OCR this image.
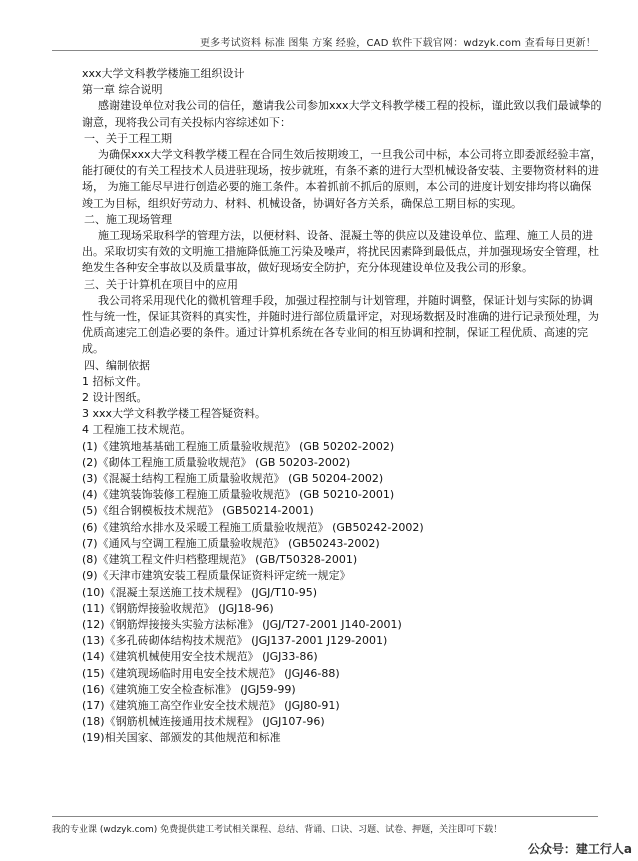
更多考试资料 标准 图集 方案 经验，CAD 软件下载官网：wdzyk.com 查看每日更新！
xxx大学文科教学楼施工组织设计
第一章 综合说明
感谢建设单位对我公司的信任，邀请我公司参加xxx大学文科教学楼工程的投标，谨此致以我们最诚挚的谢意，现将我公司有关投标内容综述如下：
一、关于工程工期
为确保xxx大学文科教学楼工程在合同生效后按期竣工，一旦我公司中标，本公司将立即委派经验丰富，能打硬仗的有关工程技术人员进驻现场，按步就班，有条不紊的进行大型机械设备安装、主要物资材料的进场， 为施工能尽早进行创造必要的施工条件。本着抓前不抓后的原则，本公司的进度计划安排均将以确保竣工为目标，组织好劳动力、材料、机械设备，协调好各方关系，确保总工期目标的实现。
二、施工现场管理
施工现场采取科学的管理方法，以便材料、设备、混凝土等的供应以及建设单位、监理、施工人员的进出。采取切实有效的文明施工措施降低施工污染及噪声，将扰民因素降到最低点，并加强现场安全管理，杜绝发生各种安全事故以及质量事故，做好现场安全防护，充分体现建设单位及我公司的形象。
三、关于计算机在项目中的应用
我公司将采用现代化的微机管理手段，加强过程控制与计划管理，并随时调整，保证计划与实际的协调性与统一性，保证其资料的真实性，并随时进行部位质量评定，对现场数据及时准确的进行记录预处理，为优质高速完工创造必要的条件。通过计算机系统在各专业间的相互协调和控制，保证工程优质、高速的完成。
四、编制依据
1 招标文件。
2 设计图纸。
3 xxx大学文科教学楼工程答疑资料。
4 工程施工技术规范。
(1)《建筑地基基础工程施工质量验收规范》 (GB 50202-2002)
(2)《砌体工程施工质量验收规范》 (GB 50203-2002)
(3)《混凝土结构工程施工质量验收规范》 (GB 50204-2002)
(4)《建筑装饰装修工程施工质量验收规范》 (GB 50210-2001)
(5)《组合钢模板技术规范》 (GB50214-2001)
(6)《建筑给水排水及采暖工程施工质量验收规范》 (GB50242-2002)
(7)《通风与空调工程施工质量验收规范》 (GB50243-2002)
(8)《建筑工程文件归档整理规范》 (GB/T50328-2001)
(9)《天津市建筑安装工程质量保证资料评定统一规定》
(10)《混凝土泵送施工技术规程》 (JGJ/T10-95)
(11)《钢筋焊接验收规范》 (JGJ18-96)
(12)《钢筋焊接接头实验方法标准》 (JGJ/T27-2001 J140-2001)
(13)《多孔砖砌体结构技术规范》 (JGJ137-2001 J129-2001)
(14)《建筑机械使用安全技术规范》 (JGJ33-86)
(15)《建筑现场临时用电安全技术规范》 (JGJ46-88)
(16)《建筑施工安全检查标准》 (JGJ59-99)
(17)《建筑施工高空作业安全技术规范》 (JGJ80-91)
(18)《钢筋机械连接通用技术规程》 (JGJ107-96)
(19)相关国家、部颁发的其他规范和标准
我的专业课 (wdzyk.com) 免费提供建工考试相关课程、总结、背诵、口诀、习题、试卷、押题，关注即可下载！
公众号：建工行人a
